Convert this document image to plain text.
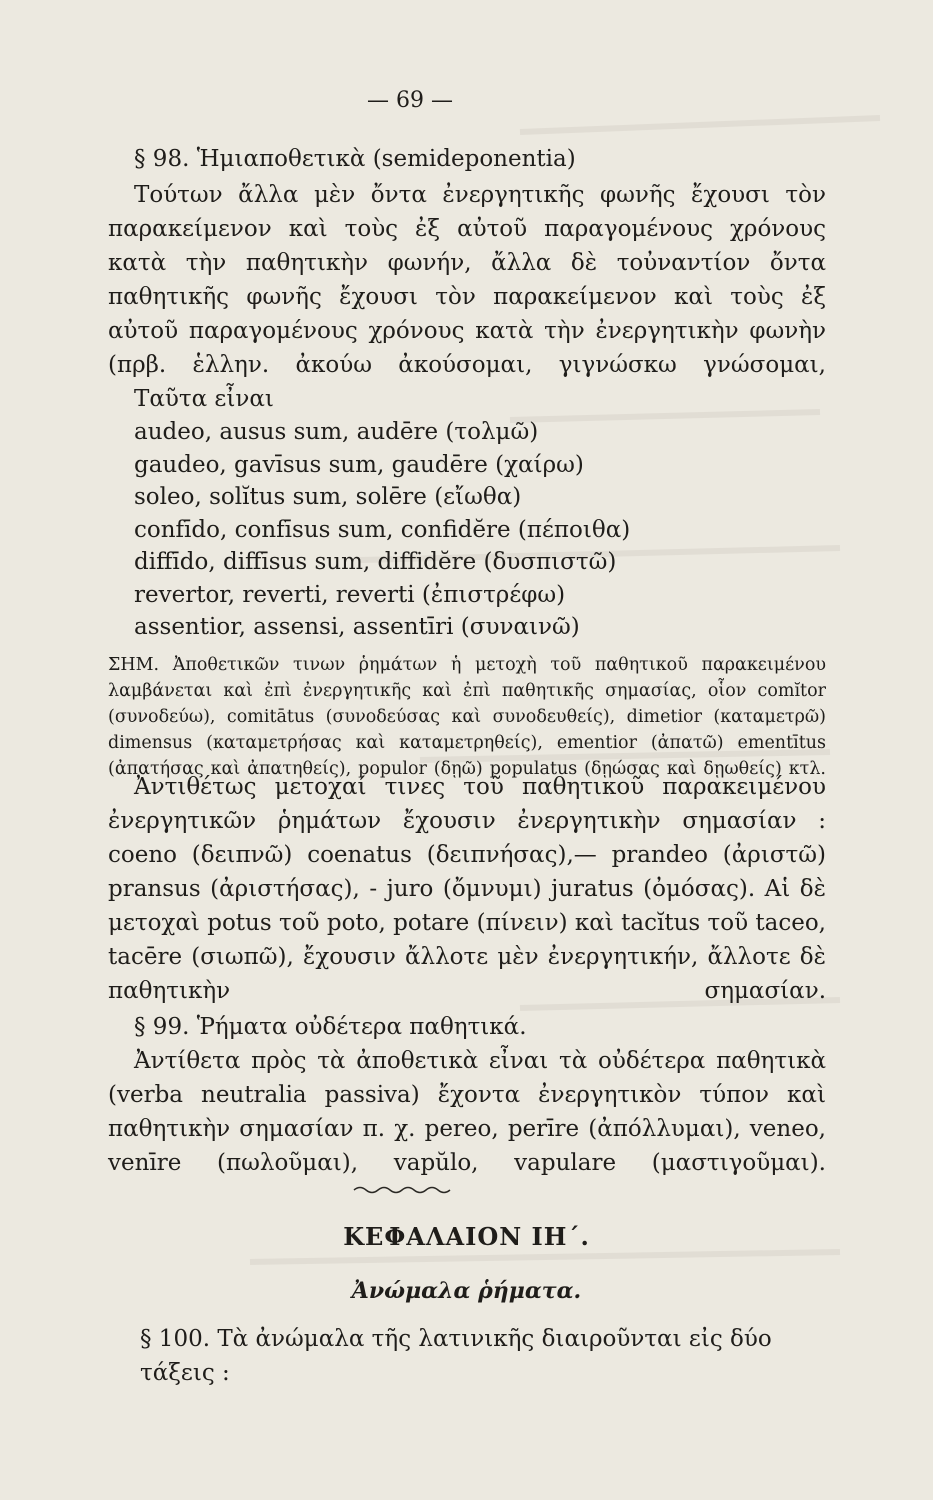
— 69 —

§ 98. Ἡμιαποθετικὰ (semideponentia)

Τούτων ἄλλα μὲν ὄντα ἐνεργητικῆς φωνῆς ἔχουσι τὸν παρακείμενον καὶ τοὺς ἐξ αὐτοῦ παραγομένους χρόνους κατὰ τὴν παθητικὴν φωνήν, ἄλλα δὲ τοὐναντίον ὄντα παθητικῆς φωνῆς ἔχουσι τὸν παρακείμενον καὶ τοὺς ἐξ αὐτοῦ παραγομένους χρόνους κατὰ τὴν ἐνεργητικὴν φωνὴν (πρβ. ἑλλην. ἀκούω ἀκούσομαι, γιγνώσκω γνώσομαι,

Ταῦτα εἶναι

audeo, ausus sum, audēre (τολμῶ)
gaudeo, gavīsus sum, gaudēre (χαίρω)
soleo, solĭtus sum, solēre (εἴωθα)
confīdo, confīsus sum, confidĕre (πέποιθα)
diffīdo, diffīsus sum, diffidĕre (δυσπιστῶ)
revertor, reverti, reverti (ἐπιστρέφω)
assentior, assensi, assentīri (συναινῶ)

ΣΗΜ. Ἀποθετικῶν τινων ῥημάτων ἡ μετοχὴ τοῦ παθητικοῦ παρακειμένου λαμβάνεται καὶ ἐπὶ ἐνεργητικῆς καὶ ἐπὶ παθητικῆς σημασίας, οἷον comĭtor (συνοδεύω), comitātus (συνοδεύσας καὶ συνοδευθείς), dimetior (καταμετρῶ) dimensus (καταμετρήσας καὶ καταμετρηθείς), ementior (ἀπατῶ) ementītus (ἀπατήσας καὶ ἀπατηθείς), populor (δῃῶ) populatus (δῃώσας καὶ δῃωθείς) κτλ.

Ἀντιθέτως μετοχαί τινες τοῦ παθητικοῦ παρακειμένου ἐνεργητικῶν ῥημάτων ἔχουσιν ἐνεργητικὴν σημασίαν : coeno (δειπνῶ) coenatus (δειπνήσας),— prandeo (ἀριστῶ) pransus (ἀριστήσας), - juro (ὄμνυμι) juratus (ὀμόσας). Αἱ δὲ μετοχαὶ potus τοῦ poto, potare (πίνειν) καὶ tacĭtus τοῦ taceo, tacēre (σιωπῶ), ἔχουσιν ἄλλοτε μὲν ἐνεργητικήν, ἄλλοτε δὲ παθητικὴν σημασίαν.

§ 99. Ῥήματα οὐδέτερα παθητικά.

Ἀντίθετα πρὸς τὰ ἀποθετικὰ εἶναι τὰ οὐδέτερα παθητικὰ (verba neutralia passiva) ἔχοντα ἐνεργητικὸν τύπον καὶ παθητικὴν σημασίαν π. χ. pereo, perīre (ἀπόλλυμαι), veneo, venīre (πωλοῦμαι), vapŭlo, vapulare (μαστιγοῦμαι).

ΚΕΦΑΛΑΙΟΝ ΙΗ΄.
Ἀνώμαλα ῥήματα.

§ 100. Τὰ ἀνώμαλα τῆς λατινικῆς διαιροῦνται εἰς δύο τάξεις :
